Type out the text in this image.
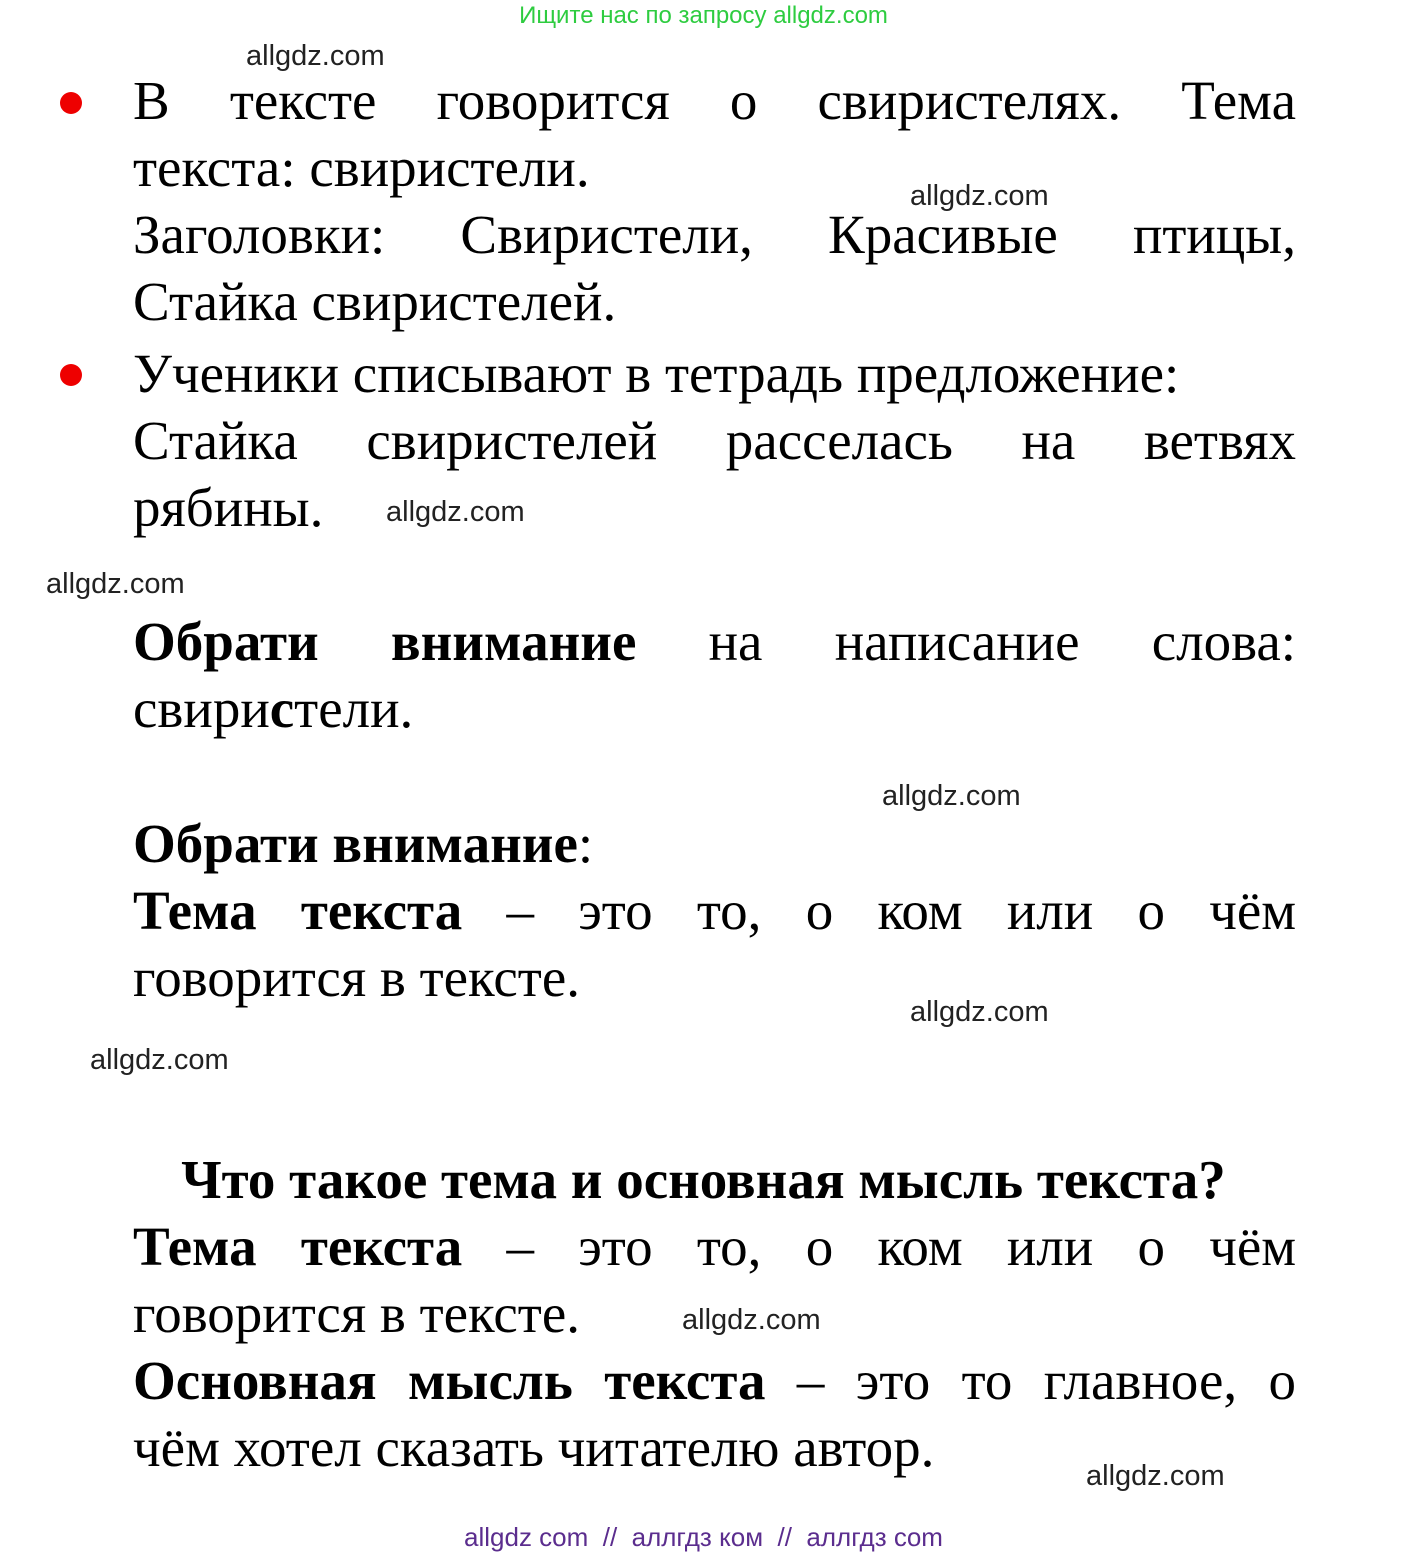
Ищите нас по запросу allgdz.com
allgdz.com
allgdz.com
allgdz.com
allgdz.com
allgdz.com
allgdz.com
allgdz.com
allgdz.com
allgdz.com
В тексте говорится о свиристелях. Тема
текста: свиристели.
Заголовки: Свиристели, Красивые птицы,
Стайка свиристелей.
Ученики списывают в тетрадь предложение:
Стайка свиристелей расселась на ветвях
рябины.
Обрати внимание на написание слова:
свиристели.
Обрати внимание:
Тема текста – это то, о ком или о чём
говорится в тексте.
Что такое тема и основная мысль текста?
Тема текста – это то, о ком или о чём
говорится в тексте.
Основная мысль текста – это то главное, о
чём хотел сказать читателю автор.
allgdz com  //  аллгдз ком  //  аллгдз com
